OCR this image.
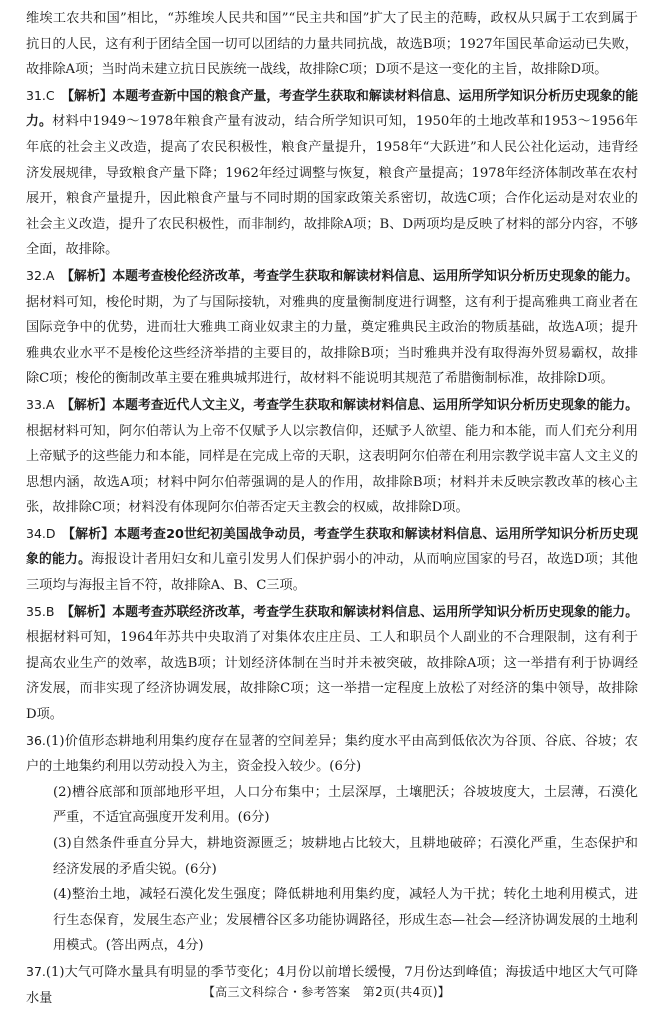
维埃工农共和国”相比，“苏维埃人民共和国”“民主共和国”扩大了民主的范畴，政权从只属于工农到属于抗日的人民，这有利于团结全国一切可以团结的力量共同抗战，故选B项；1927年国民革命运动已失败，故排除A项；当时尚未建立抗日民族统一战线，故排除C项；D项不是这一变化的主旨，故排除D项。

31.C  【解析】本题考查新中国的粮食产量，考查学生获取和解读材料信息、运用所学知识分析历史现象的能力。材料中1949～1978年粮食产量有波动，结合所学知识可知，1950年的土地改革和1953～1956年年底的社会主义改造，提高了农民积极性，粮食产量提升，1958年“大跃进”和人民公社化运动，违背经济发展规律，导致粮食产量下降；1962年经过调整与恢复，粮食产量提高；1978年经济体制改革在农村展开，粮食产量提升，因此粮食产量与不同时期的国家政策关系密切，故选C项；合作化运动是对农业的社会主义改造，提升了农民积极性，而非制约，故排除A项；B、D两项均是反映了材料的部分内容，不够全面，故排除。

32.A  【解析】本题考查梭伦经济改革，考查学生获取和解读材料信息、运用所学知识分析历史现象的能力。据材料可知，梭伦时期，为了与国际接轨，对雅典的度量衡制度进行调整，这有利于提高雅典工商业者在国际竞争中的优势，进而壮大雅典工商业奴隶主的力量，奠定雅典民主政治的物质基础，故选A项；提升雅典农业水平不是梭伦这些经济举措的主要目的，故排除B项；当时雅典并没有取得海外贸易霸权，故排除C项；梭伦的衡制改革主要在雅典城邦进行，故材料不能说明其规范了希腊衡制标准，故排除D项。

33.A  【解析】本题考查近代人文主义，考查学生获取和解读材料信息、运用所学知识分析历史现象的能力。根据材料可知，阿尔伯蒂认为上帝不仅赋予人以宗教信仰，还赋予人欲望、能力和本能，而人们充分利用上帝赋予的这些能力和本能，同样是在完成上帝的天职，这表明阿尔伯蒂在利用宗教学说丰富人文主义的思想内涵，故选A项；材料中阿尔伯蒂强调的是人的作用，故排除B项；材料并未反映宗教改革的核心主张，故排除C项；材料没有体现阿尔伯蒂否定天主教会的权威，故排除D项。

34.D  【解析】本题考查20世纪初美国战争动员，考查学生获取和解读材料信息、运用所学知识分析历史现象的能力。海报设计者用妇女和儿童引发男人们保护弱小的冲动，从而响应国家的号召，故选D项；其他三项均与海报主旨不符，故排除A、B、C三项。

35.B  【解析】本题考查苏联经济改革，考查学生获取和解读材料信息、运用所学知识分析历史现象的能力。根据材料可知，1964年苏共中央取消了对集体农庄庄员、工人和职员个人副业的不合理限制，这有利于提高农业生产的效率，故选B项；计划经济体制在当时并未被突破，故排除A项；这一举措有利于协调经济发展，而非实现了经济协调发展，故排除C项；这一举措一定程度上放松了对经济的集中领导，故排除D项。

36.(1)价值形态耕地利用集约度存在显著的空间差异；集约度水平由高到低依次为谷顶、谷底、谷坡；农户的土地集约利用以劳动投入为主，资金投入较少。(6分)

(2)槽谷底部和顶部地形平坦，人口分布集中；土层深厚，土壤肥沃；谷坡坡度大，土层薄，石漠化严重，不适宜高强度开发利用。(6分)

(3)自然条件垂直分异大，耕地资源匮乏；坡耕地占比较大，且耕地破碎；石漠化严重，生态保护和经济发展的矛盾尖锐。(6分)

(4)整治土地，减轻石漠化发生强度；降低耕地利用集约度，减轻人为干扰；转化土地利用模式，进行生态保育，发展生态产业；发展槽谷区多功能协调路径，形成生态—社会—经济协调发展的土地利用模式。(答出两点，4分)

37.(1)大气可降水量具有明显的季节变化；4月份以前增长缓慢，7月份达到峰值；海拔适中地区大气可降水量	【高三文科综合・参考答案　第2页(共4页)】
